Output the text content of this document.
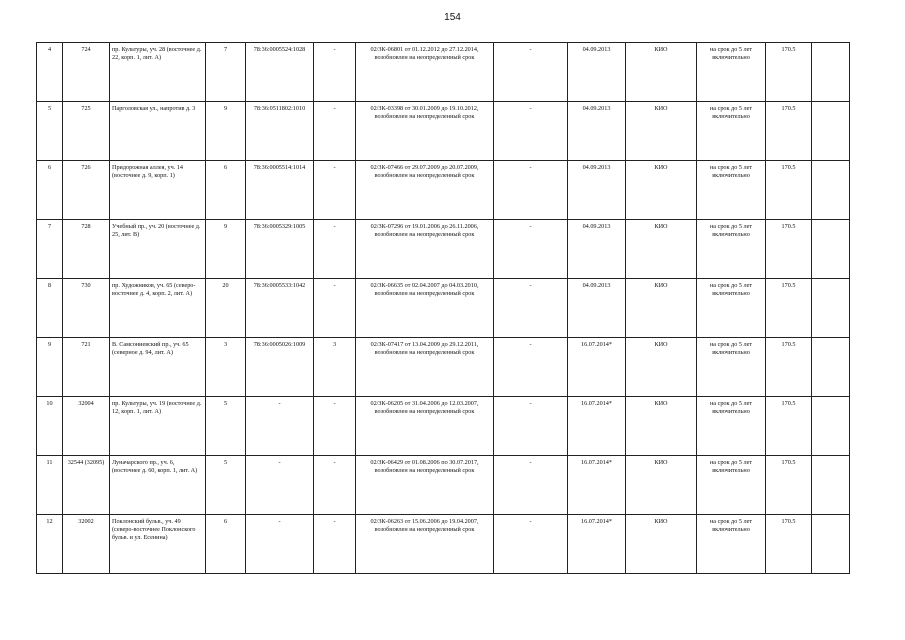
154
4	724	пр. Культуры, уч. 28 (восточнее д. 22, корп. 1, лит. А)	7	78:36:0005524:1028	-	02/ЗК-06801 от 01.12.2012 до 27.12.2014, возобновлен на неопределенный срок	-	04.09.2013	КИО	на срок до 5 лет включительно	170.5	
5	725	Парголовская ул., напротив д. 3	9	78:36:0511802:1010	-	02/ЗК-03398 от 30.01.2009 до 19.10.2012, возобновлен на неопределенный срок	-	04.09.2013	КИО	на срок до 5 лет включительно	170.5	
6	726	Придорожная аллея, уч. 14 (восточнее д. 9, корп. 1)	6	78:36:0005514:1014	-	02/ЗК-07466 от 29.07.2009 до 20.07.2009, возобновлен на неопределенный срок	-	04.09.2013	КИО	на срок до 5 лет включительно	170.5	
7	728	Учебный пр., уч. 20 (восточнее д. 25, лит. В)	9	78:36:0005329:1005	-	02/ЗК-07296 от 19.01.2006 до 26.11.2006, возобновлен на неопределенный срок	-	04.09.2013	КИО	на срок до 5 лет включительно	170.5	
8	730	пр. Художников, уч. 65 (северо-восточнее д. 4, корп. 2, лит. А)	20	78:36:0005533:1042	-	02/ЗК-06635 от 02.04.2007 до 04.03.2010, возобновлен на неопределенный срок	-	04.09.2013	КИО	на срок до 5 лет включительно	170.5	
9	721	В. Самсониевский пр., уч. 65 (северное д. 94, лит. А)	3	78:36:0005026:1009	3	02/ЗК-07417 от 13.04.2009 до 29.12.2011, возобновлен на неопределенный срок	-	16.07.2014*	КИО	на срок до 5 лет включительно	170.5	
10	32004	пр. Культуры, уч. 19 (восточнее д. 12, корп. 1, лит. А)	5	-	-	02/ЗК-06205 от 31.04.2006 до 12.03.2007, возобновлен на неопределенный срок	-	16.07.2014*	КИО	на срок до 5 лет включительно	170.5	
11	32544 (32095)	Луначарского пр., уч. 6, (восточнее д. 60, корп. 1, лит. А)	5	-	-	02/ЗК-06429 от 01.08.2006 по 30.07.2017, возобновлен на неопределенный срок	-	16.07.2014*	КИО	на срок до 5 лет включительно	170.5	
12	32002	Поклонский бульв., уч. 49 (северо-восточнее Поклонского бульв. и ул. Есенина)	6	-	-	02/ЗК-06263 от 15.06.2006 до 19.04.2007, возобновлен на неопределенный срок	-	16.07.2014*	КИО	на срок до 5 лет включительно	170.5	
